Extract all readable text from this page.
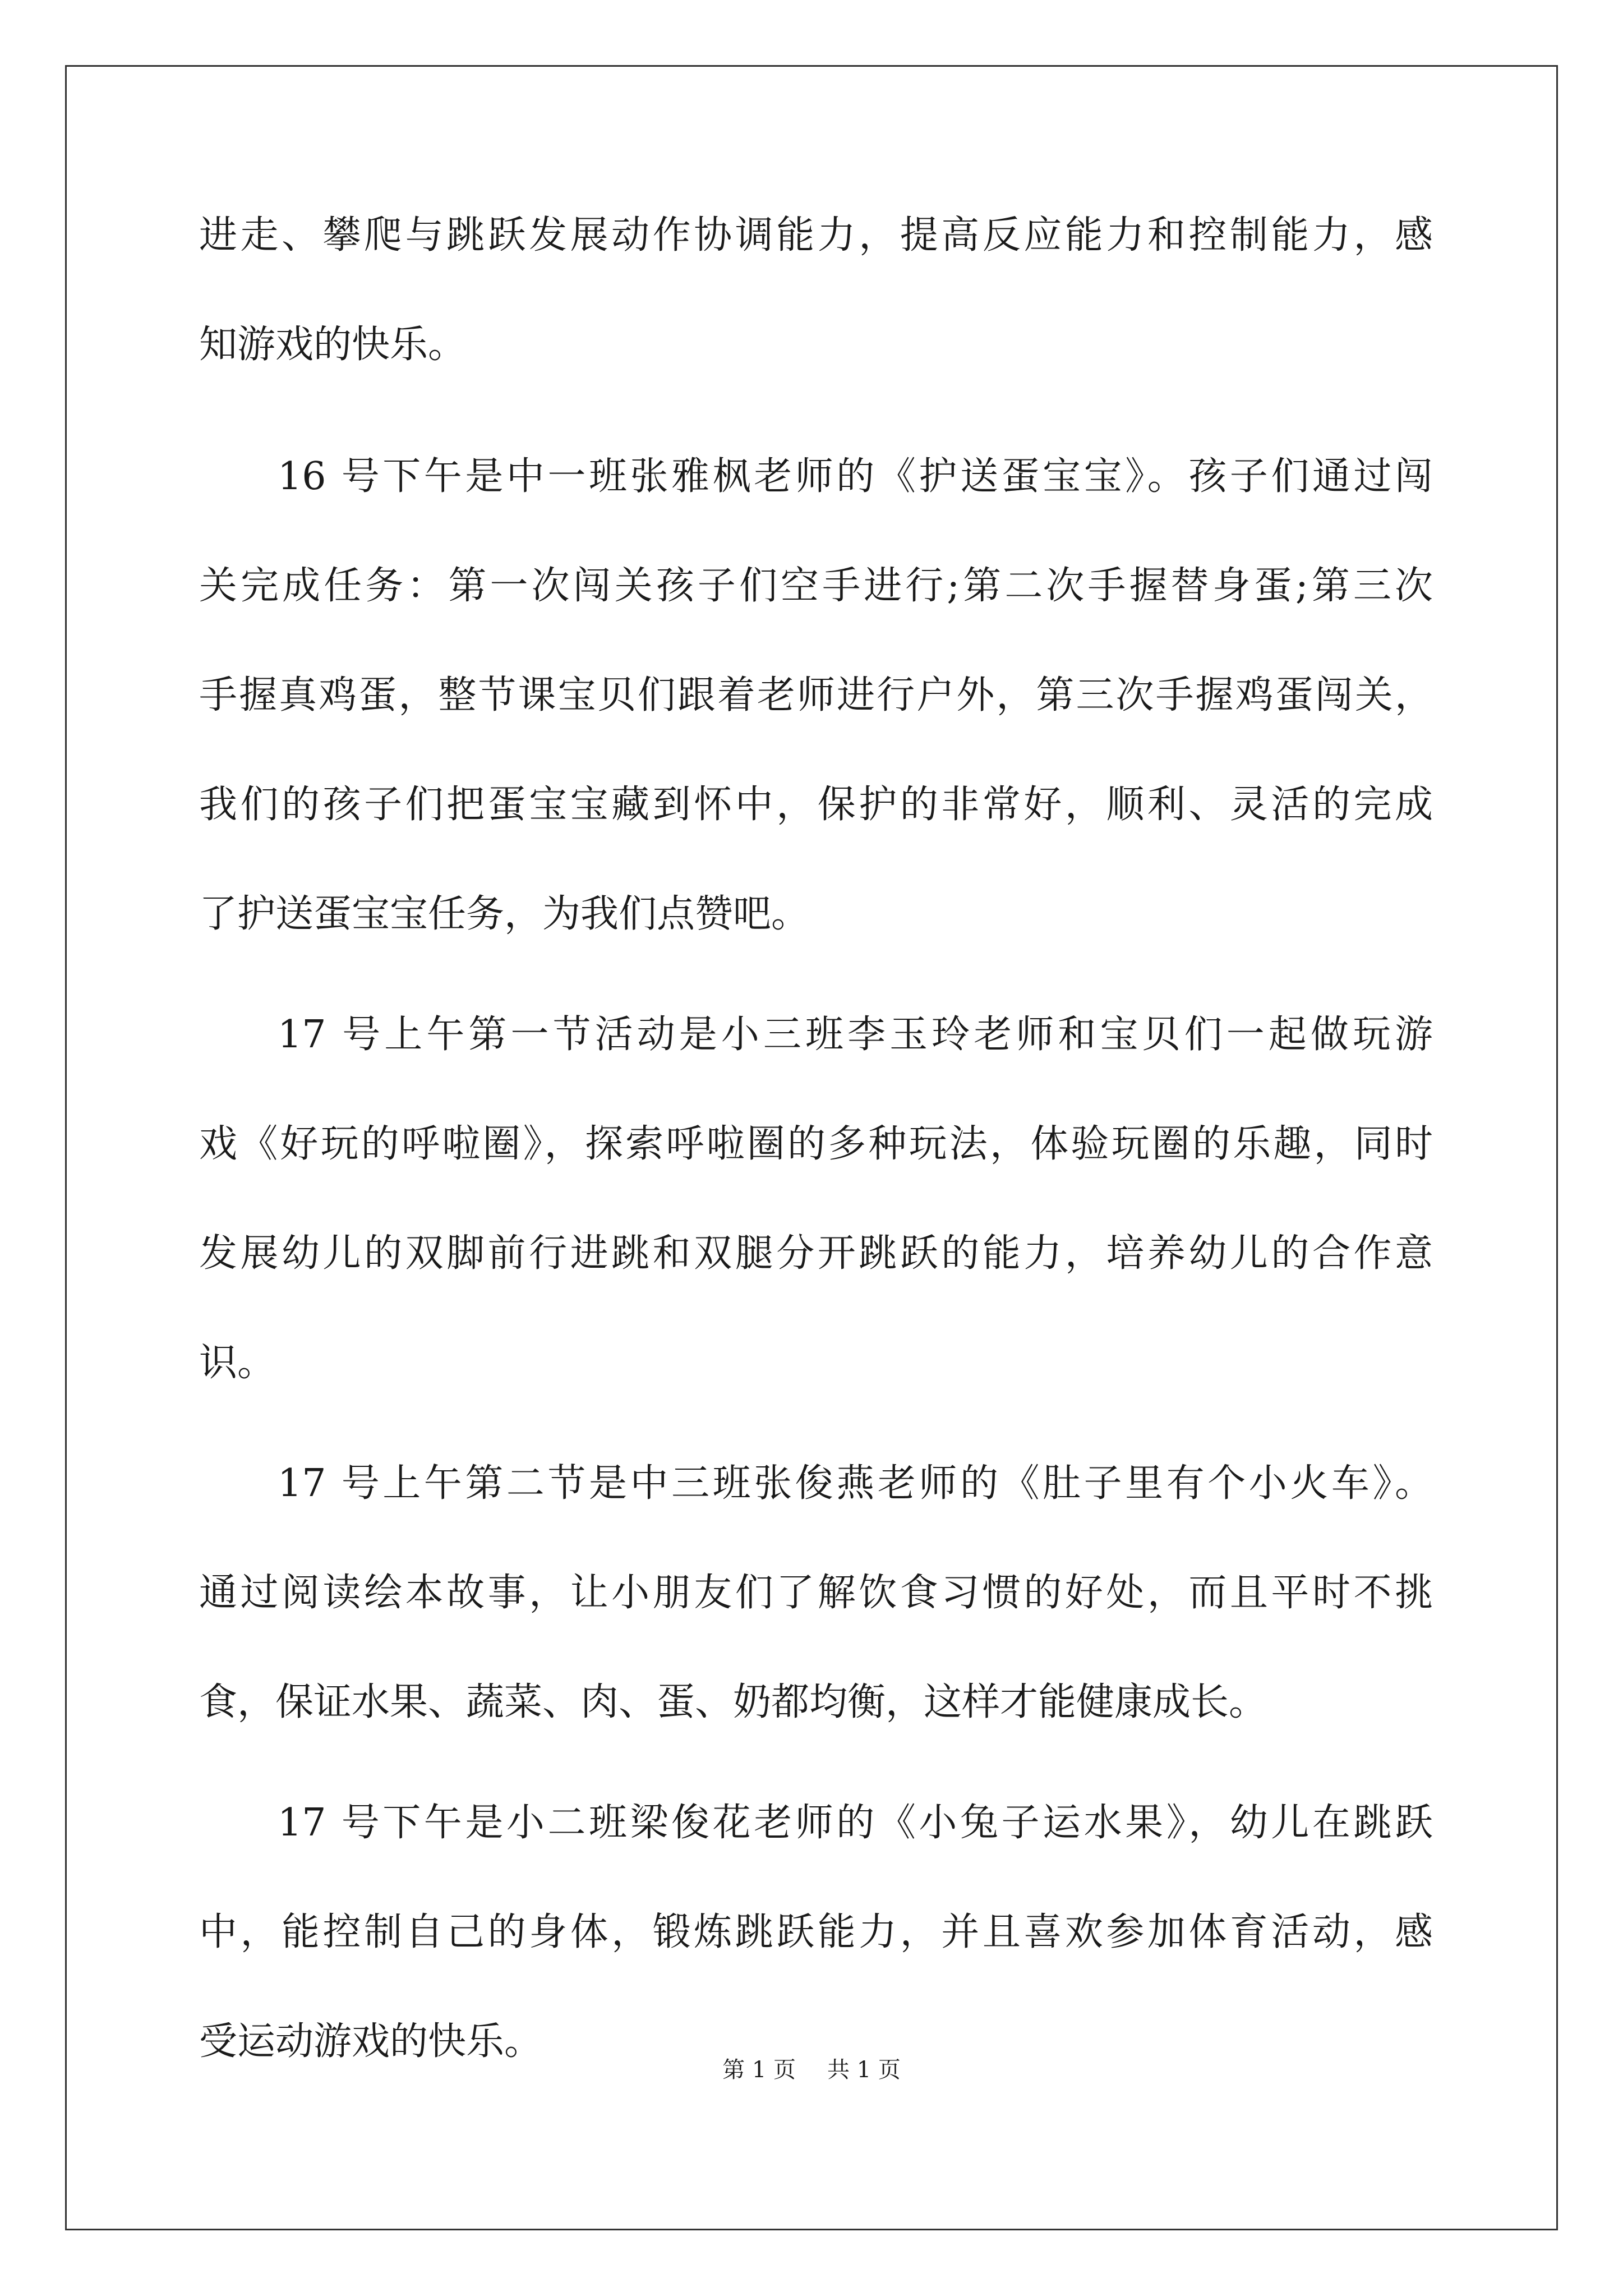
进走、攀爬与跳跃发展动作协调能力，提高反应能力和控制能力，感
知游戏的快乐。
16 号下午是中一班张雅枫老师的《护送蛋宝宝》。孩子们通过闯
关完成任务：第一次闯关孩子们空手进行;第二次手握替身蛋;第三次
手握真鸡蛋，整节课宝贝们跟着老师进行户外，第三次手握鸡蛋闯关，
我们的孩子们把蛋宝宝藏到怀中，保护的非常好，顺利、灵活的完成
了护送蛋宝宝任务，为我们点赞吧。
17 号上午第一节活动是小三班李玉玲老师和宝贝们一起做玩游
戏《好玩的呼啦圈》，探索呼啦圈的多种玩法，体验玩圈的乐趣，同时
发展幼儿的双脚前行进跳和双腿分开跳跃的能力，培养幼儿的合作意
识。
17 号上午第二节是中三班张俊燕老师的《肚子里有个小火车》。
通过阅读绘本故事，让小朋友们了解饮食习惯的好处，而且平时不挑
食，保证水果、蔬菜、肉、蛋、奶都均衡，这样才能健康成长。
17 号下午是小二班梁俊花老师的《小兔子运水果》，幼儿在跳跃
中，能控制自己的身体，锻炼跳跃能力，并且喜欢参加体育活动，感
受运动游戏的快乐。
第 1 页 共 1 页
